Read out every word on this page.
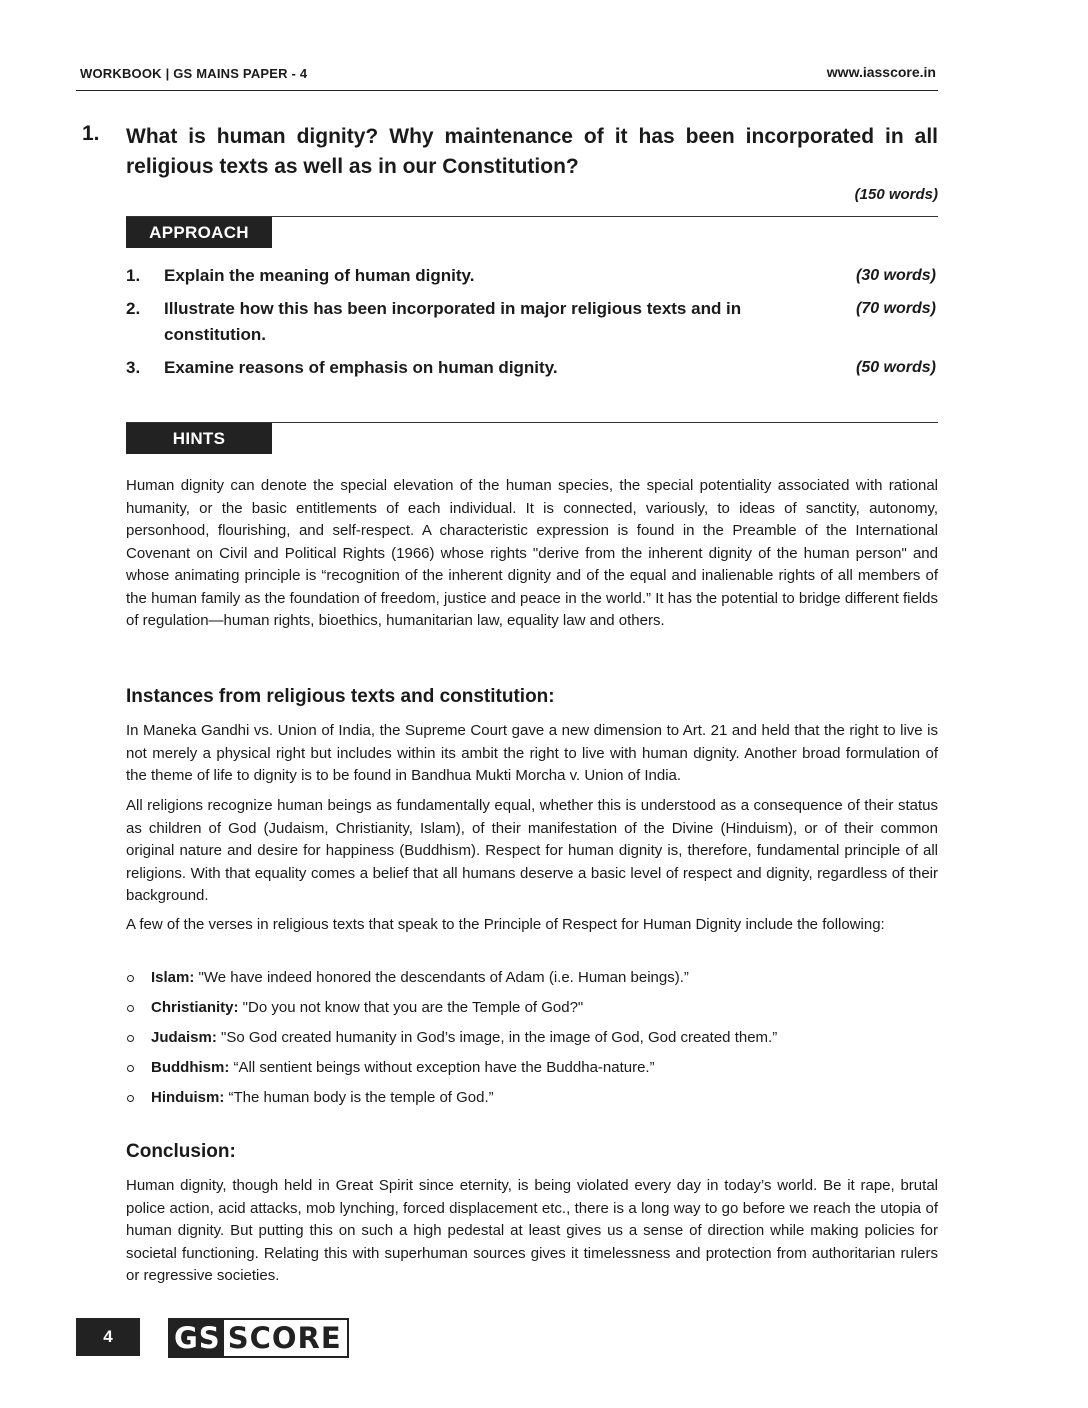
WORKBOOK | GS MAINS PAPER - 4	www.iasscore.in
1. What is human dignity? Why maintenance of it has been incorporated in all religious texts as well as in our Constitution?
(150 words)
APPROACH
1. Explain the meaning of human dignity.	(30 words)
2. Illustrate how this has been incorporated in major religious texts and in constitution.
(70 words)
3. Examine reasons of emphasis on human dignity.	(50 words)
HINTS
Human dignity can denote the special elevation of the human species, the special potentiality associated with rational humanity, or the basic entitlements of each individual. It is connected, variously, to ideas of sanctity, autonomy, personhood, flourishing, and self-respect. A characteristic expression is found in the Preamble of the International Covenant on Civil and Political Rights (1966) whose rights "derive from the inherent dignity of the human person" and whose animating principle is “recognition of the inherent dignity and of the equal and inalienable rights of all members of the human family as the foundation of freedom, justice and peace in the world.” It has the potential to bridge different fields of regulation—human rights, bioethics, humanitarian law, equality law and others.
Instances from religious texts and constitution:
In Maneka Gandhi vs. Union of India, the Supreme Court gave a new dimension to Art. 21 and held that the right to live is not merely a physical right but includes within its ambit the right to live with human dignity. Another broad formulation of the theme of life to dignity is to be found in Bandhua Mukti Morcha v. Union of India.
All religions recognize human beings as fundamentally equal, whether this is understood as a consequence of their status as children of God (Judaism, Christianity, Islam), of their manifestation of the Divine (Hinduism), or of their common original nature and desire for happiness (Buddhism). Respect for human dignity is, therefore, fundamental principle of all religions. With that equality comes a belief that all humans deserve a basic level of respect and dignity, regardless of their background.
A few of the verses in religious texts that speak to the Principle of Respect for Human Dignity include the following:
Islam: "We have indeed honored the descendants of Adam (i.e. Human beings).”
Christianity: "Do you not know that you are the Temple of God?"
Judaism: "So God created humanity in God’s image, in the image of God, God created them.”
Buddhism: “All sentient beings without exception have the Buddha-nature.”
Hinduism: “The human body is the temple of God.”
Conclusion:
Human dignity, though held in Great Spirit since eternity, is being violated every day in today’s world. Be it rape, brutal police action, acid attacks, mob lynching, forced displacement etc., there is a long way to go before we reach the utopia of human dignity. But putting this on such a high pedestal at least gives us a sense of direction while making policies for societal functioning. Relating this with superhuman sources gives it timelessness and protection from authoritarian rulers or regressive societies.
4	GS SCORE
